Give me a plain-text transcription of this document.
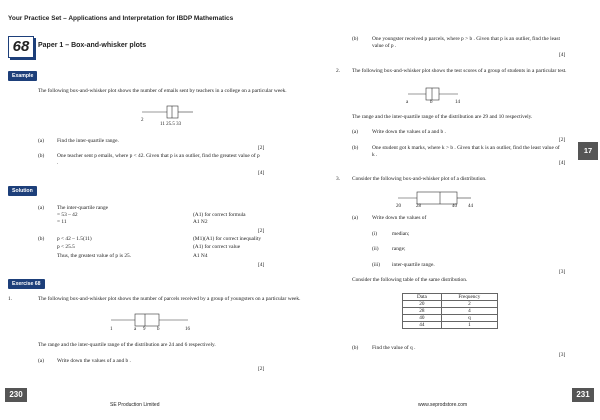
Your Practice Set – Applications and Interpretation for IBDP Mathematics
68	Paper 1 – Box-and-whisker plots
Example
The following box-and-whisker plot shows the number of emails sent by teachers in a college on a particular week.
2
11 25.5 33
(a) Find the inter-quartile range.
[2]
(b) One teacher sent p emails, where p < 42. Given that p is an outlier, find the greatest value of p .
[4]
Solution
(a) The inter-quartile range
= 53 – 42
= 11
(A1) for correct formula
A1 N2
[2]
(b) p < 42 – 1.5(11)
p < 25.5
Thus, the greatest value of p is 25.
(M1)(A1) for correct inequality
(A1) for correct value
A1 N4
[4]
Exercise 68
1.	The following box-and-whisker plot shows the number of parcels received by a group of youngsters on a particular week.
1	a 9 b	16
The range and the inter-quartile range of the distribution are 24 and 6 respectively.
(a) Write down the values of a and b .
[2]
230
SE Production Limited
(b)	One youngster received p parcels, where p > b . Given that p is an outlier, find the least value of p .
[4]
2. The following box-and-whisker plot shows the test scores of a group of students in a particular test.
a	b	14
The range and the inter-quartile range of the distribution are 29 and 10 respectively.
(a)	Write down the values of a and b .
[2]
(b)	One student got k marks, where k > b . Given that k is an outlier, find the least value of k .
[4]
3. Consider the following box-and-whisker plot of a distribution.
20	28	40 44
(a)	Write down the values of
(i)	median;
(ii) range;
(iii) inter-quartile range.
[3]
Consider the following table of the same distribution.
Data	Frequency
20	2
28	4
40	q
44	1
(b)	Find the value of q .
[3]
17
231
www.seprodstore.com
